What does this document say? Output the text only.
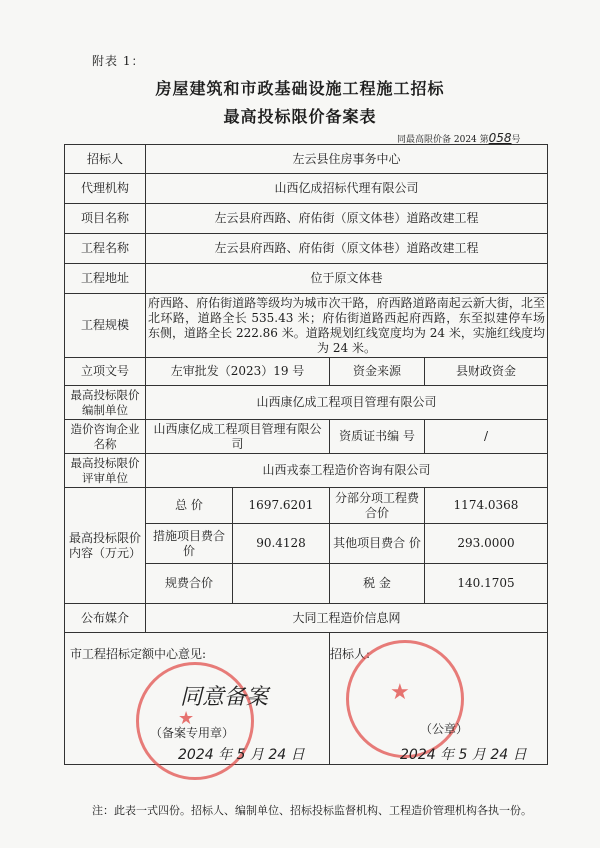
附表 1：
房屋建筑和市政基础设施工程施工招标
最高投标限价备案表
同最高限价备 2024 第058号
招标人	左云县住房事务中心			
代理机构	山西亿成招标代理有限公司			
项目名称	左云县府西路、府佑街（原文体巷）道路改建工程			
工程名称	左云县府西路、府佑街（原文体巷）道路改建工程			
工程地址	位于原文体巷			
工程规模	府西路、府佑街道路等级均为城市次干路，府西路道路南起云新大街，北至北环路，道路全长 535.43 米；府佑街道路西起府西路，东至拟建停车场东侧，道路全长 222.86 米。道路规划红线宽度均为 24 米，实施红线度均为 24 米。			
立项文号	左审批发（2023）19 号		资金来源	县财政资金
最高投标限价编制单位	山西康亿成工程项目管理有限公司			
造价咨询企业名称	山西康亿成工程项目管理有限公司		资质证书编 号	/
最高投标限价评审单位	山西戎泰工程造价咨询有限公司			
最高投标限价内容（万元）	总 价	1697.6201	分部分项工程费合价	1174.0368
	措施项目费合 价	90.4128	其他项目费合 价	293.0000
	规费合价		税 金	140.1705
公布媒介	大同工程造价信息网			

市工程招标定额中心意见:	招标人:
★
同意备案
（备案专用章）
2024 年 5 月 24 日
★
（公章）
2024 年 5 月 24 日
注：此表一式四份。招标人、编制单位、招标投标监督机构、工程造价管理机构各执一份。
